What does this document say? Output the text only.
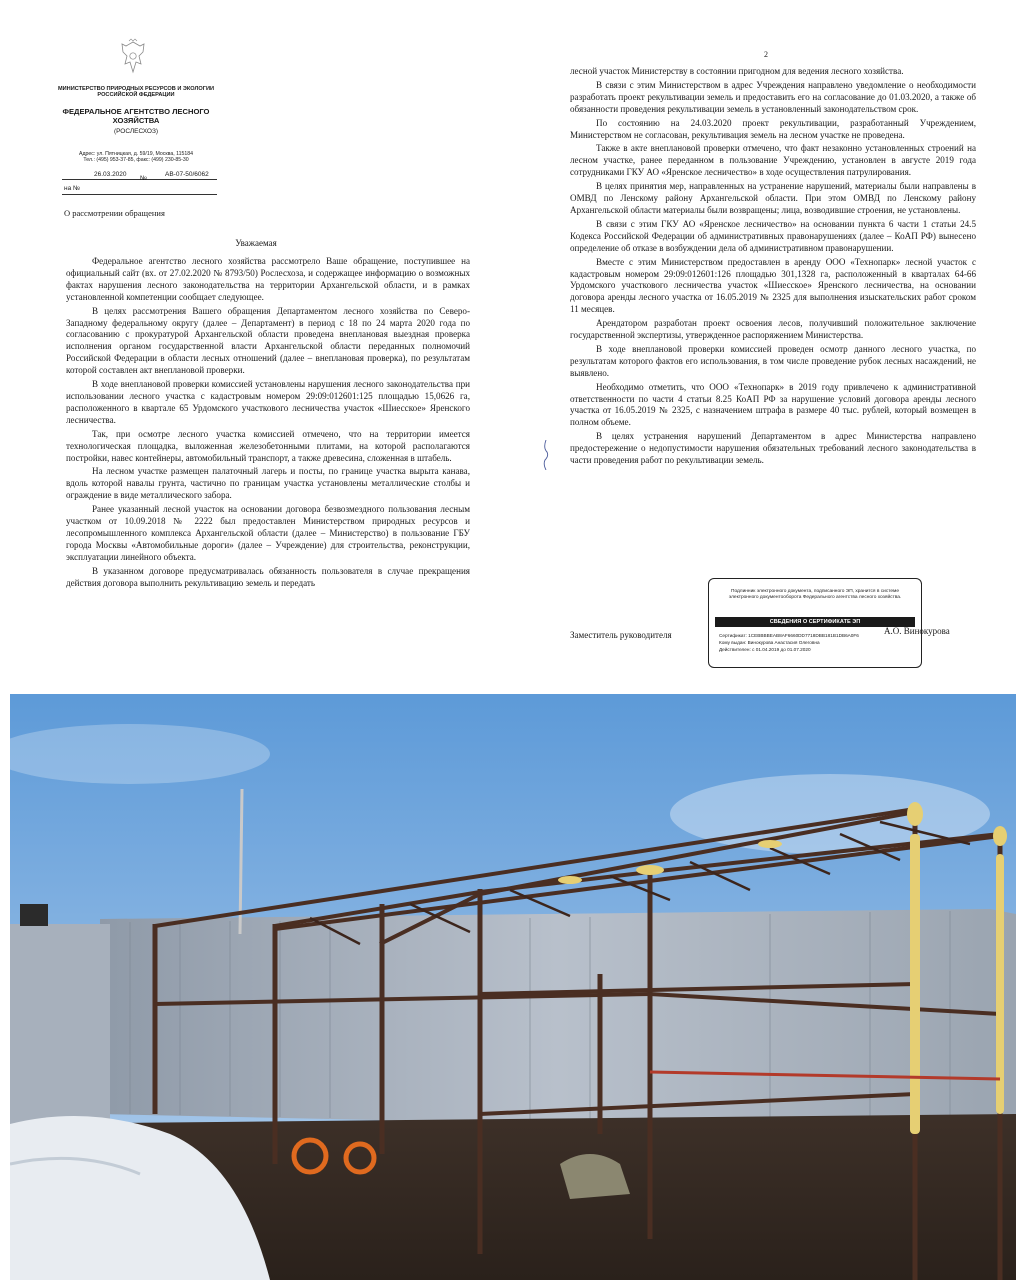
МИНИСТЕРСТВО ПРИРОДНЫХ РЕСУРСОВ И ЭКОЛОГИИ РОССИЙСКОЙ ФЕДЕРАЦИИ
ФЕДЕРАЛЬНОЕ АГЕНТСТВО ЛЕСНОГО ХОЗЯЙСТВА
(РОСЛЕСХОЗ)
Адрес: ул. Пятницкая, д. 59/19, Москва, 115184
Тел.: (495) 953-37-85, факс: (499) 230-85-30
26.03.2020
№
АВ-07-50/6062
на №
О рассмотрении обращения
Уважаемая

Федеральное агентство лесного хозяйства рассмотрело Ваше обращение, поступившее на официальный сайт (вх. от 27.02.2020 № 8793/50) Рослесхоза, и содержащее информацию о возможных фактах нарушения лесного законодательства на территории Архангельской области, и в рамках установленной компетенции сообщает следующее.

В целях рассмотрения Вашего обращения Департаментом лесного хозяйства по Северо-Западному федеральному округу (далее – Департамент) в период с 18 по 24 марта 2020 года по согласованию с прокуратурой Архангельской области проведена внеплановая выездная проверка исполнения органом государственной власти Архангельской области переданных полномочий Российской Федерации в области лесных отношений (далее – внеплановая проверка), по результатам которой составлен акт внеплановой проверки.

В ходе внеплановой проверки комиссией установлены нарушения лесного законодательства при использовании лесного участка с кадастровым номером 29:09:012601:125 площадью 15,0626 га, расположенного в квартале 65 Урдомского участкового лесничества участок «Шиесское» Яренского лесничества.

Так, при осмотре лесного участка комиссией отмечено, что на территории имеется технологическая площадка, выложенная железобетонными плитами, на которой располагаются постройки, навес контейнеры, автомобильный транспорт, а также древесина, сложенная в штабель.

На лесном участке размещен палаточный лагерь и посты, по границе участка вырыта канава, вдоль которой навалы грунта, частично по границам участка установлены металлические столбы и ограждение в виде металлического забора.

Ранее указанный лесной участок на основании договора безвозмездного пользования лесным участком от 10.09.2018 № 2222 был предоставлен Министерством природных ресурсов и лесопромышленного комплекса Архангельской области (далее – Министерство) в пользование ГБУ города Москвы «Автомобильные дороги» (далее – Учреждение) для строительства, реконструкции, эксплуатации линейного объекта.

В указанном договоре предусматривалась обязанность пользователя в случае прекращения действия договора выполнить рекультивацию земель и передать

2

лесной участок Министерству в состоянии пригодном для ведения лесного хозяйства.

В связи с этим Министерством в адрес Учреждения направлено уведомление о необходимости разработать проект рекультивации земель и предоставить его на согласование до 01.03.2020, а также об обязанности проведения рекультивации земель в установленный законодательством срок.

По состоянию на 24.03.2020 проект рекультивации, разработанный Учреждением, Министерством не согласован, рекультивация земель на лесном участке не проведена.

Также в акте внеплановой проверки отмечено, что факт незаконно установленных строений на лесном участке, ранее переданном в пользование Учреждению, установлен в августе 2019 года сотрудниками ГКУ АО «Яренское лесничество» в ходе осуществления патрулирования.

В целях принятия мер, направленных на устранение нарушений, материалы были направлены в ОМВД по Ленскому району Архангельской области. При этом ОМВД по Ленскому району Архангельской области материалы были возвращены; лица, возводившие строения, не установлены.

В связи с этим ГКУ АО «Яренское лесничество» на основании пункта 6 части 1 статьи 24.5 Кодекса Российской Федерации об административных правонарушениях (далее – КоАП РФ) вынесено определение об отказе в возбуждении дела об административном правонарушении.

Вместе с этим Министерством предоставлен в аренду ООО «Технопарк» лесной участок с кадастровым номером 29:09:012601:126 площадью 301,1328 га, расположенный в кварталах 64-66 Урдомского участкового лесничества участок «Шиесское» Яренского лесничества, на основании договора аренды лесного участка от 16.05.2019 № 2325 для выполнения изыскательских работ сроком 11 месяцев.

Арендатором разработан проект освоения лесов, получивший положительное заключение государственной экспертизы, утвержденное распоряжением Министерства.

В ходе внеплановой проверки комиссией проведен осмотр данного лесного участка, по результатам которого фактов его использования, в том числе проведение рубок лесных насаждений, не выявлено.

Необходимо отметить, что ООО «Технопарк» в 2019 году привлечено к административной ответственности по части 4 статьи 8.25 КоАП РФ за нарушение условий договора аренды лесного участка от 16.05.2019 № 2325, с назначением штрафа в размере 40 тыс. рублей, который возмещен в полном объеме.

В целях устранения нарушений Департаментом в адрес Министерства направлено предостережение о недопустимости нарушения обязательных требований лесного законодательства в части проведения работ по рекультивации земель.

Заместитель руководителя
Подлинник электронного документа, подписанного ЭП, хранится в системе электронного документооборота Федерального агентства лесного хозяйства.
СВЕДЕНИЯ О СЕРТИФИКАТЕ ЭП
Сертификат: 1CEBBBBEAB8AF6660DD7718DBB181B1DB6A0F6
Кому выдан: Винокурова Анастасия Олеговна
Действителен: с 01.04.2019 до 01.07.2020
А.О. Винокурова
